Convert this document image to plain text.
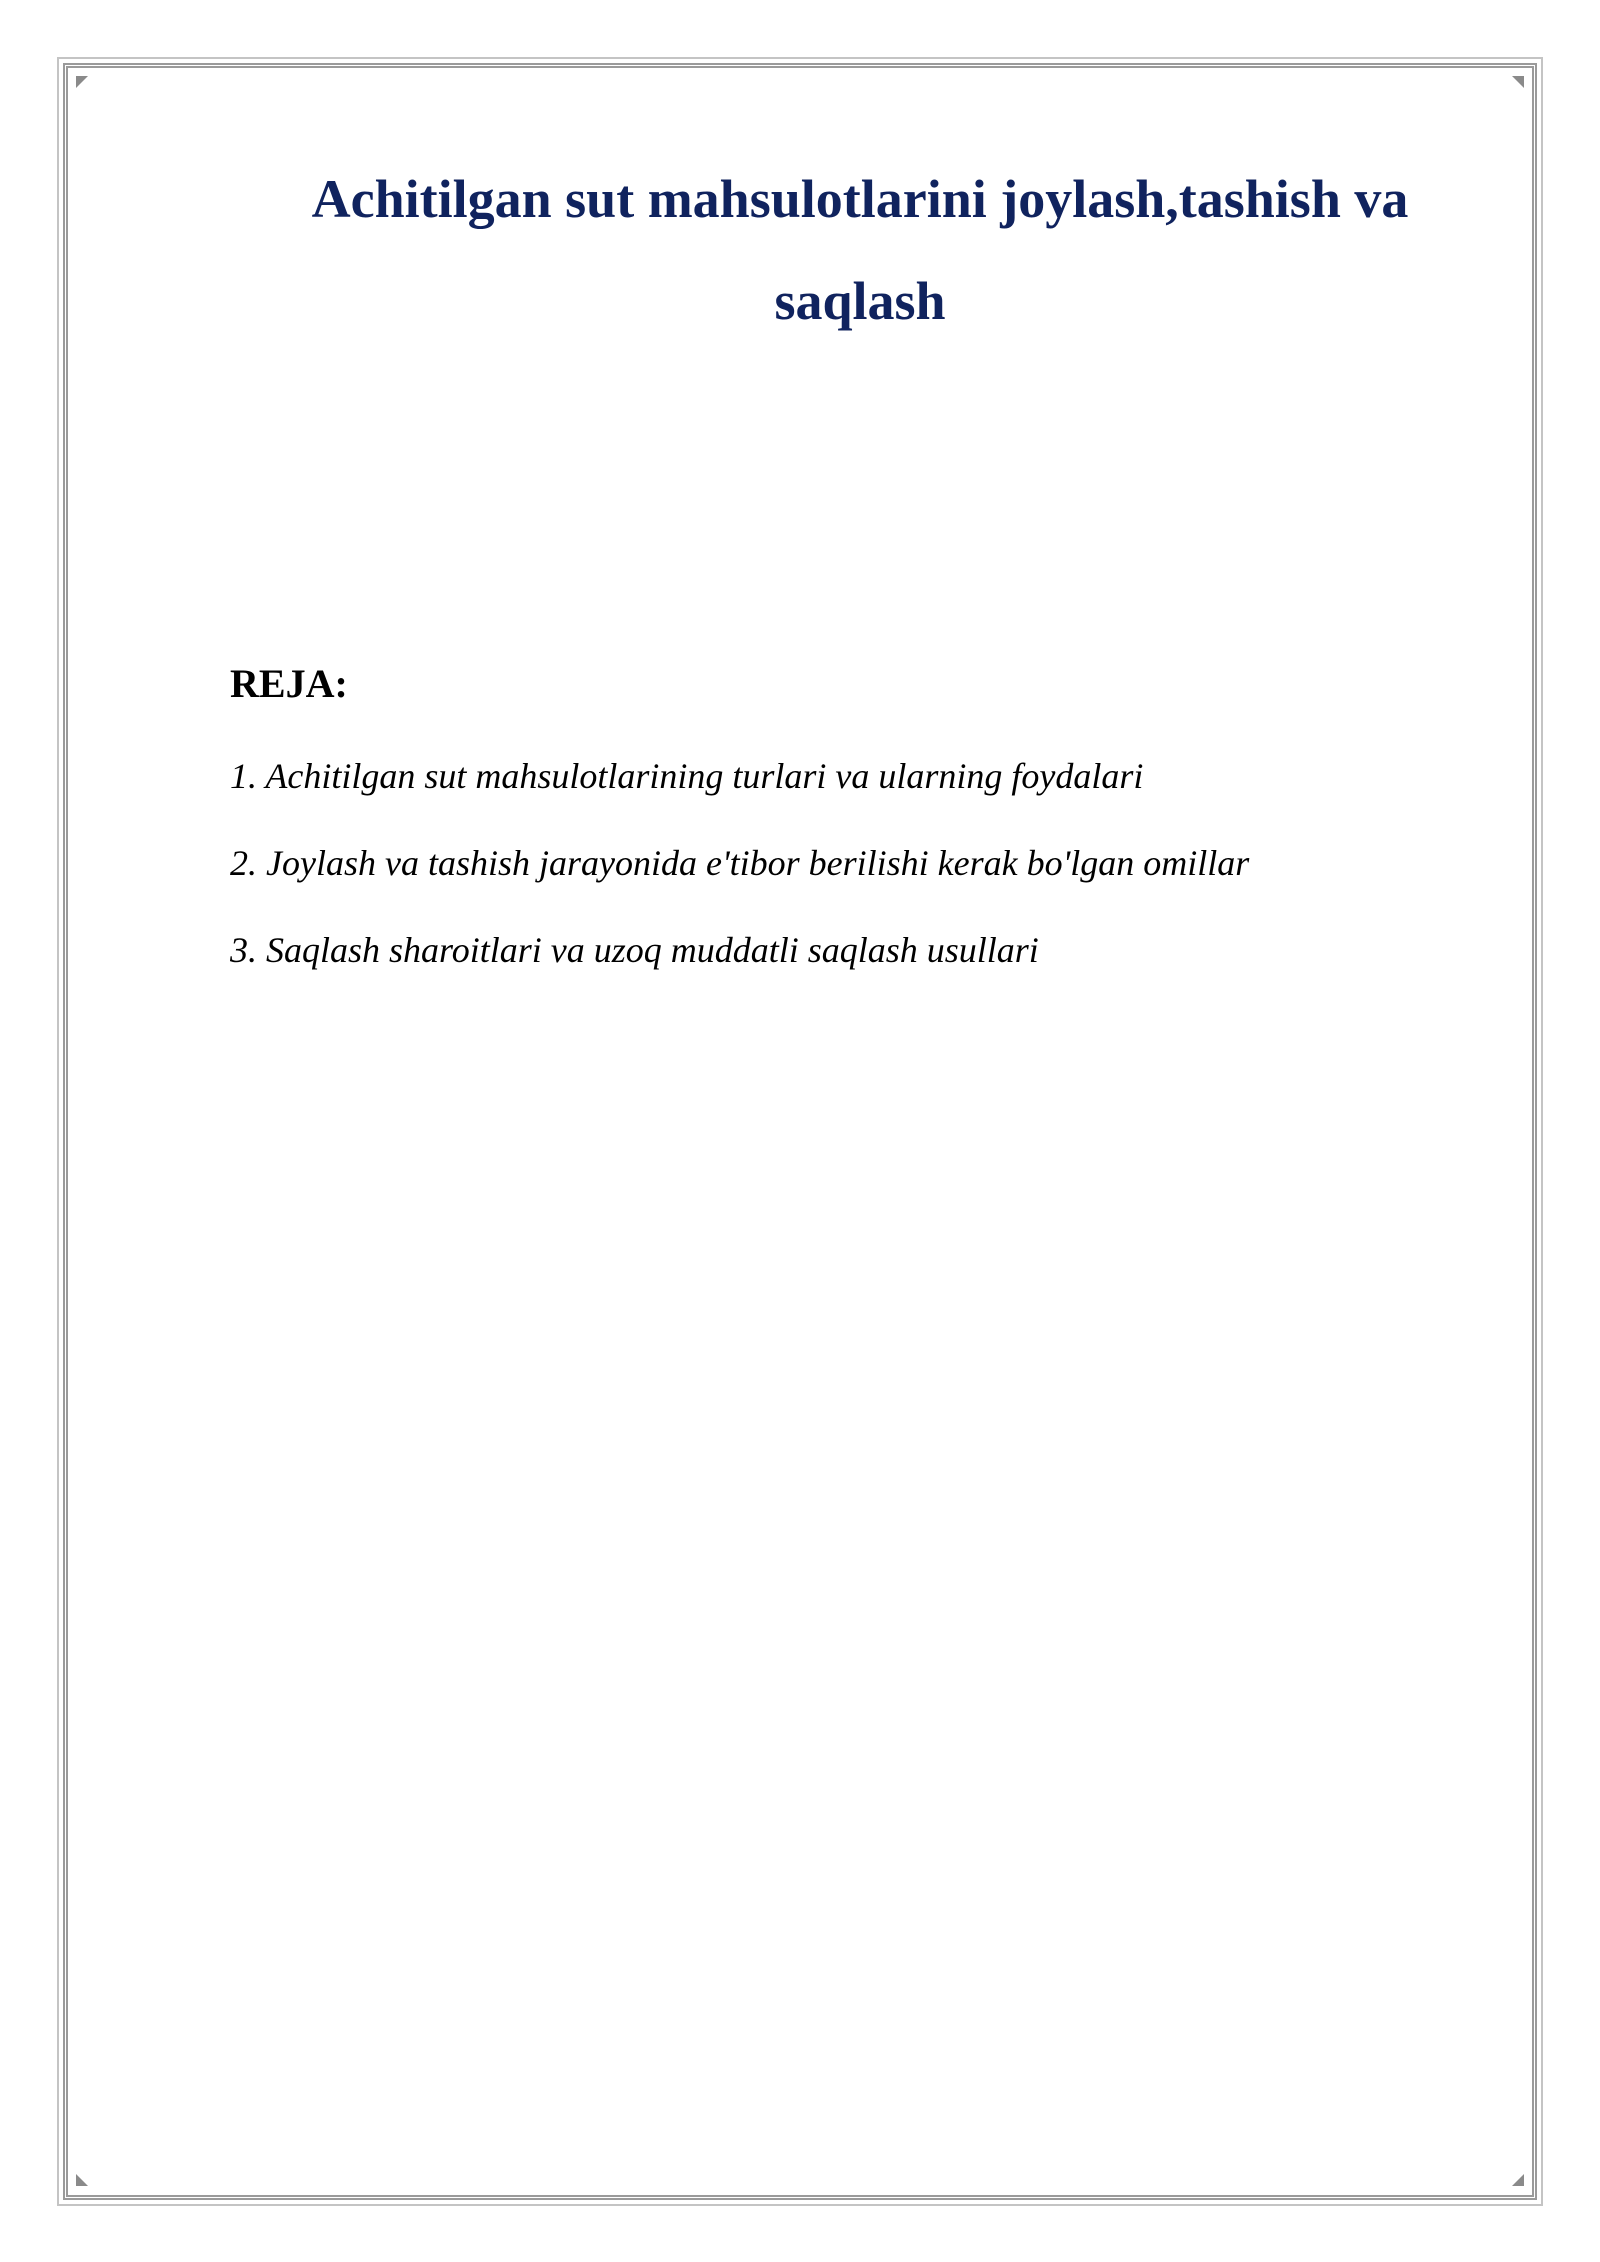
Achitilgan sut mahsulotlarini joylash,tashish va
saqlash
REJA:
1. Achitilgan sut mahsulotlarining turlari va ularning foydalari
2. Joylash va tashish jarayonida e'tibor berilishi kerak bo'lgan omillar
3. Saqlash sharoitlari va uzoq muddatli saqlash usullari
